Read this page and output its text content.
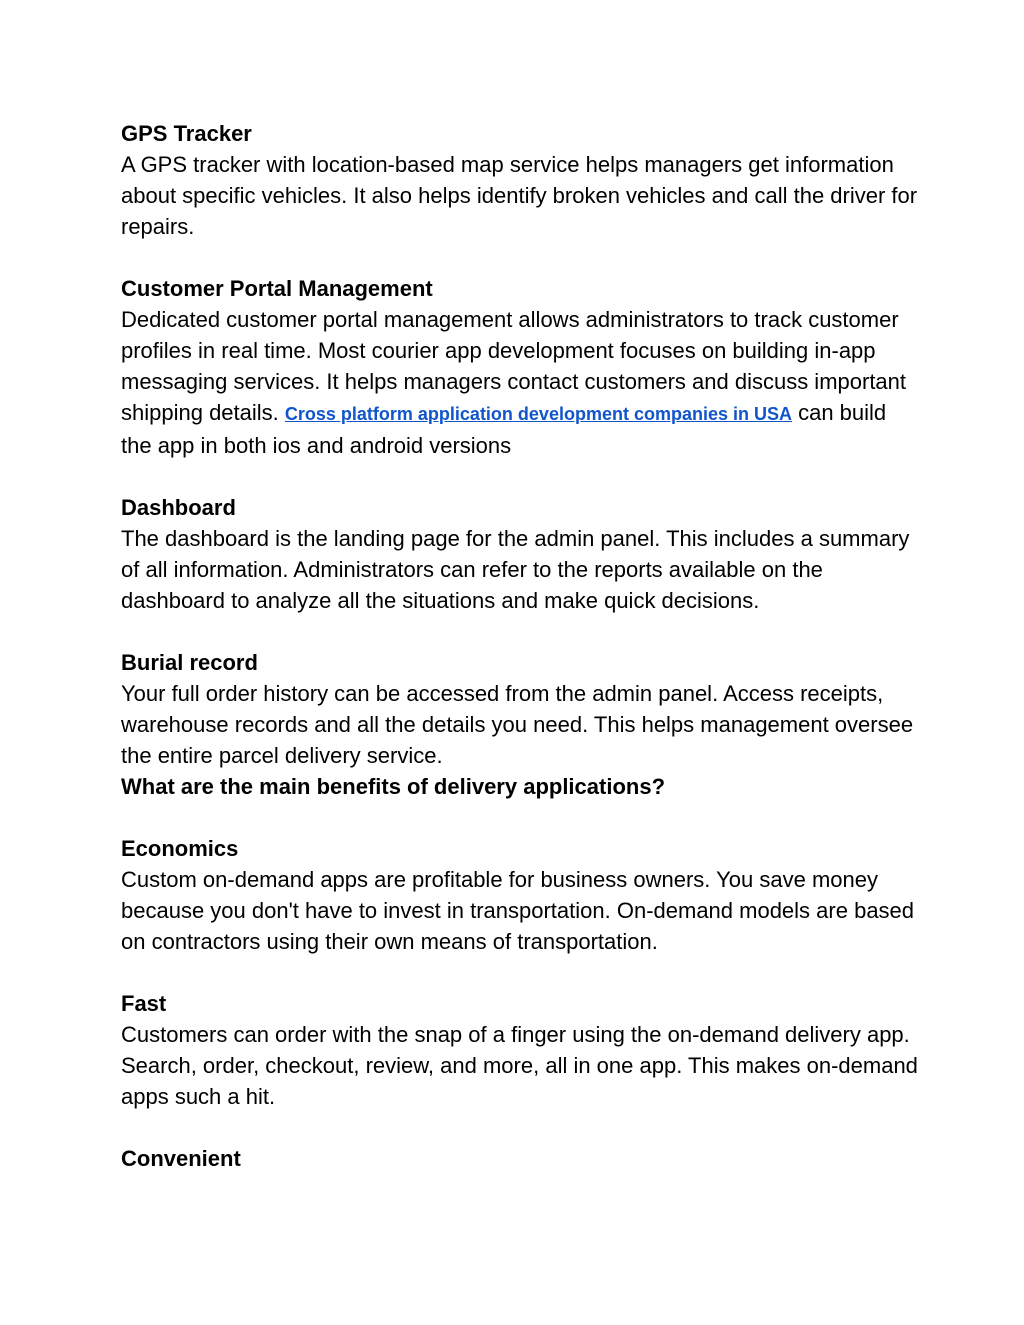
GPS Tracker

A GPS tracker with location-based map service helps managers get information about specific vehicles. It also helps identify broken vehicles and call the driver for repairs.

Customer Portal Management

Dedicated customer portal management allows administrators to track customer profiles in real time. Most courier app development focuses on building in-app messaging services. It helps managers contact customers and discuss important shipping details. Cross platform application development companies in USA can build the app in both ios and android versions

Dashboard

The dashboard is the landing page for the admin panel. This includes a summary of all information. Administrators can refer to the reports available on the dashboard to analyze all the situations and make quick decisions.

Burial record

Your full order history can be accessed from the admin panel. Access receipts, warehouse records and all the details you need. This helps management oversee the entire parcel delivery service.

What are the main benefits of delivery applications?

Economics

Custom on-demand apps are profitable for business owners. You save money because you don't have to invest in transportation. On-demand models are based on contractors using their own means of transportation.

Fast

Customers can order with the snap of a finger using the on-demand delivery app. Search, order, checkout, review, and more, all in one app. This makes on-demand apps such a hit.

Convenient
